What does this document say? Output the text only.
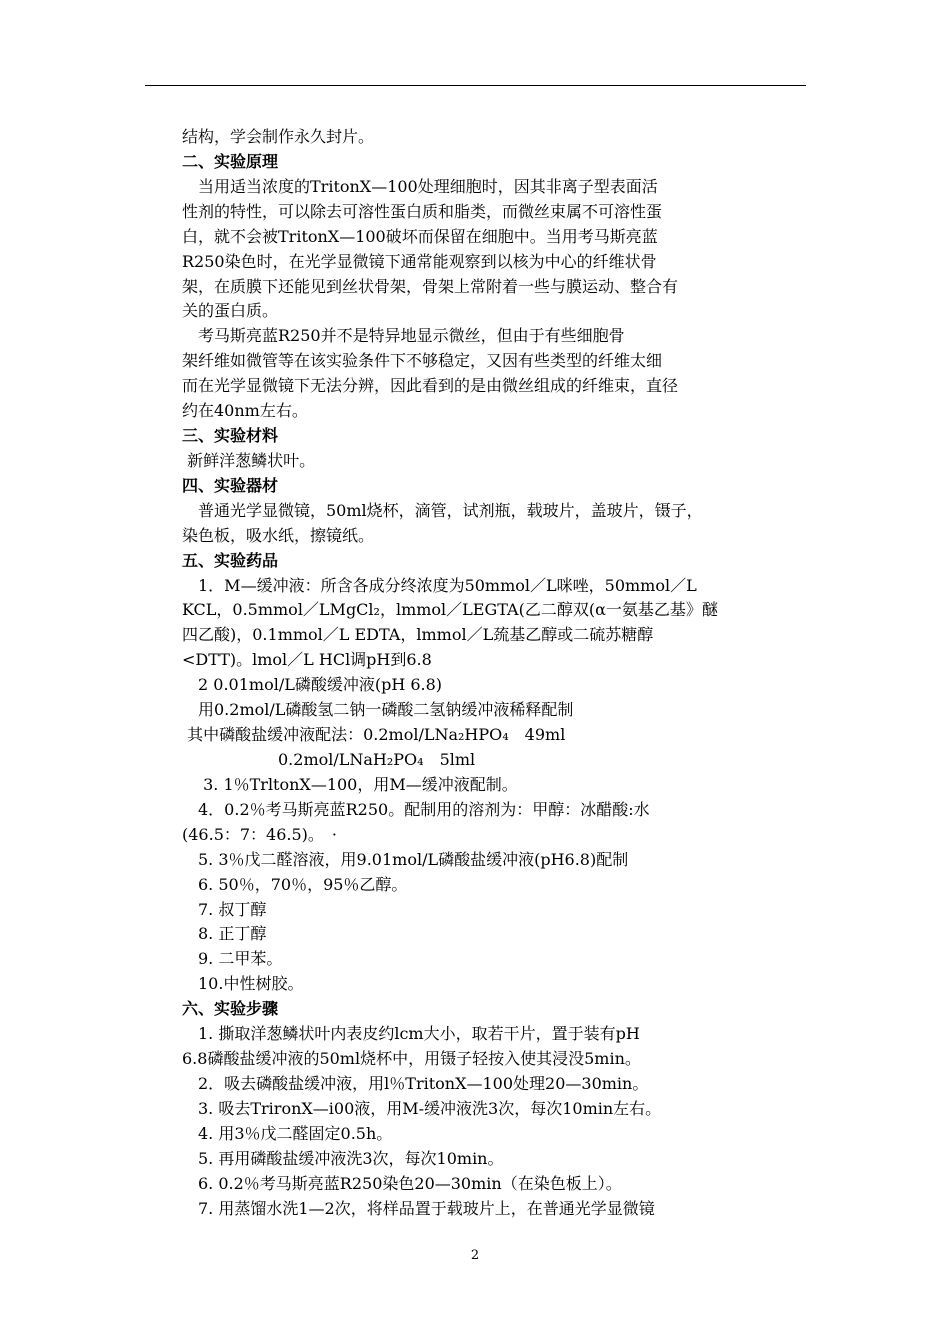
结构，学会制作永久封片。
二、实验原理
　当用适当浓度的TritonX—100处理细胞时，因其非离子型表面活
性剂的特性，可以除去可溶性蛋白质和脂类，而微丝束属不可溶性蛋
白，就不会被TritonX—100破坏而保留在细胞中。当用考马斯亮蓝
R250染色时，在光学显微镜下通常能观察到以核为中心的纤维状骨
架，在质膜下还能见到丝状骨架，骨架上常附着一些与膜运动、整合有
关的蛋白质。
　考马斯亮蓝R250并不是特异地显示微丝，但由于有些细胞骨
架纤维如微管等在该实验条件下不够稳定，又因有些类型的纤维太细
而在光学显微镜下无法分辨，因此看到的是由微丝组成的纤维束，直径
约在40nm左右。
三、实验材料
新鲜洋葱鳞状叶。
四、实验器材
　普通光学显微镜，50ml烧杯，滴管，试剂瓶，载玻片，盖玻片，镊子，
染色板，吸水纸，擦镜纸。
五、实验药品
　1．M—缓冲液：所含各成分终浓度为50mmol／L咪唑，50mmol／L
KCL，0.5mmol／LMgCl₂，lmmol／LEGTA(乙二醇双(α一氨基乙基》醚
四乙酸)，0.1mmol／L EDTA，lmmol／L巯基乙醇或二硫苏糖醇
<DTT)。lmol／L HCl调pH到6.8
　2 0.01mol/L磷酸缓冲液(pH 6.8)
　用0.2mol/L磷酸氢二钠一磷酸二氢钠缓冲液稀释配制
其中磷酸盐缓冲液配法：0.2mol/LNa₂HPO₄　49ml
　　　　　　0.2mol/LNaH₂PO₄　5lml
　 3. 1％TrltonX—100，用M—缓冲液配制。
　4．0.2％考马斯亮蓝R250。配制用的溶剂为：甲醇：冰醋酸:水
(46.5：7：46.5)。　·
　5. 3％戊二醛溶液，用9.01mol/L磷酸盐缓冲液(pH6.8)配制
　6. 50％，70％，95％乙醇。
　7. 叔丁醇
　8. 正丁醇
　9. 二甲苯。
　10.中性树胶。
六、实验步骤
　1. 撕取洋葱鳞状叶内表皮约lcm大小，取若干片，置于装有pH
6.8磷酸盐缓冲液的50ml烧杯中，用镊子轻按入使其浸没5min。
　2．吸去磷酸盐缓冲液，用l％TritonX—100处理20—30min。
　3. 吸去TrironX—i00液，用M-缓冲液洗3次，每次10min左右。
　4. 用3％戊二醛固定0.5h。
　5. 再用磷酸盐缓冲液洗3次，每次10min。
　6. 0.2％考马斯亮蓝R250染色20—30min（在染色板上）。
　7. 用蒸馏水洗1—2次，将样品置于载玻片上，在普通光学显微镜
2
